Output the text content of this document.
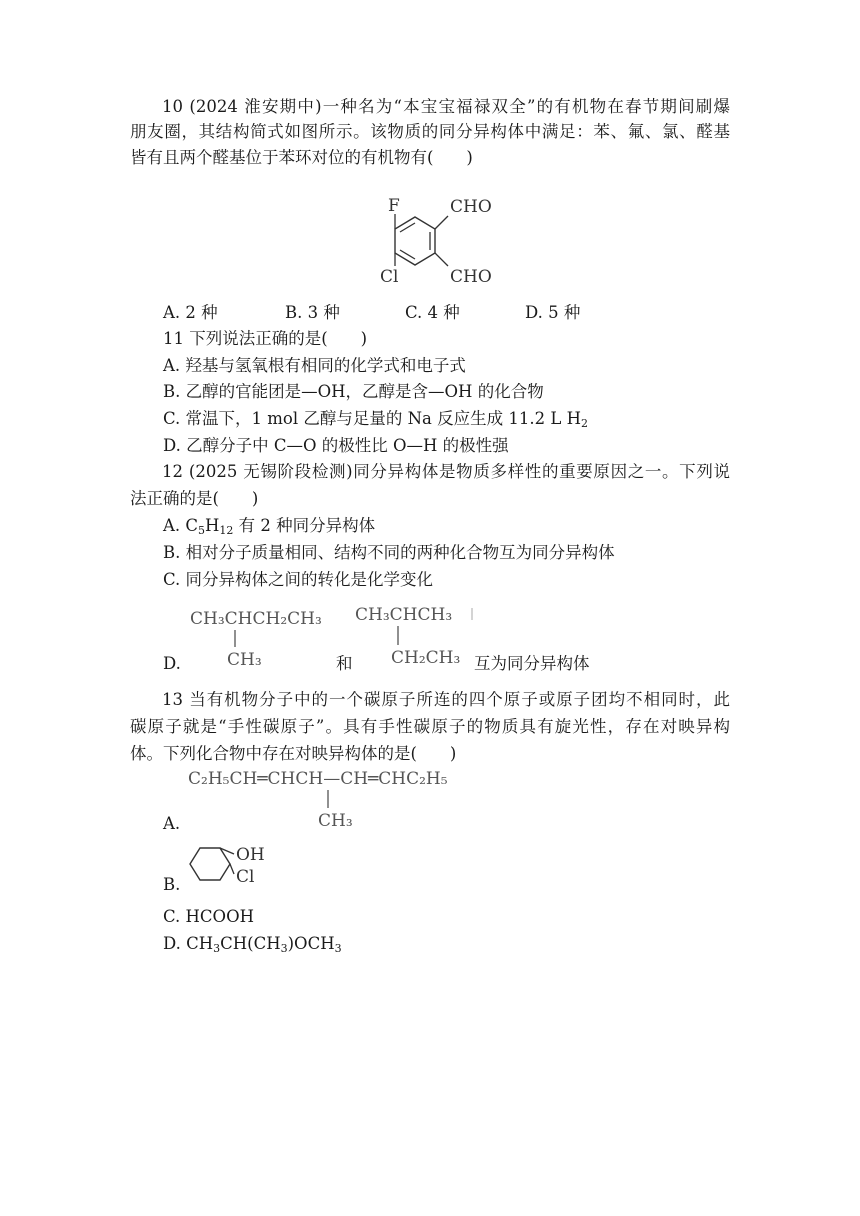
10 (2024 淮安期中)一种名为“本宝宝福禄双全”的有机物在春节期间刷爆
朋友圈，其结构简式如图所示。该物质的同分异构体中满足：苯、氟、氯、醛基
皆有且两个醛基位于苯环对位的有机物有(　　)
F
Cl
CHO
CHO
A. 2 种	B. 3 种	C. 4 种	D. 5 种
11 下列说法正确的是(　　)
A. 羟基与氢氧根有相同的化学式和电子式
B. 乙醇的官能团是—OH，乙醇是含—OH 的化合物
C. 常温下，1 mol 乙醇与足量的 Na 反应生成 11.2 L $H_2$
D. 乙醇分子中 C—O 的极性比 O—H 的极性强
12 (2025 无锡阶段检测)同分异构体是物质多样性的重要原因之一。下列说
法正确的是(　　)
A. $C_5H_{12}$ 有 2 种同分异构体
B. 相对分子质量相同、结构不同的两种化合物互为同分异构体
C. 同分异构体之间的转化是化学变化
CH₃CHCH₂CH₃
CH₃
CH₃CHCH₃
CH₂CH₃
D.	和	互为同分异构体
13 当有机物分子中的一个碳原子所连的四个原子或原子团均不相同时，此
碳原子就是“手性碳原子”。具有手性碳原子的物质具有旋光性，存在对映异构
体。下列化合物中存在对映异构体的是(　　)
C₂H₅CH═CHCH—CH═CHC₂H₅
CH₃
A.
OH
Cl
B.
C. HCOOH
D. $CH_3CH(CH_3)OCH_3$
